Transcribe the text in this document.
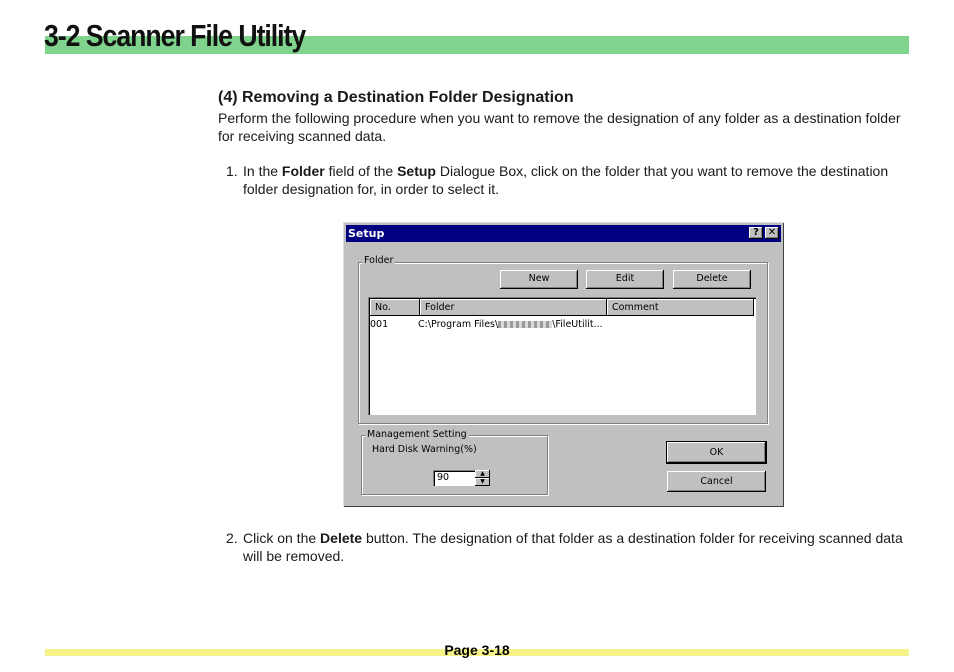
3-2 Scanner File Utility
(4) Removing a Destination Folder Designation
Perform the following procedure when you want to remove the designation of any folder as a destination folder for receiving scanned data.
1. In the Folder field of the Setup Dialogue Box, click on the folder that you want to remove the destination folder designation for, in order to select it.
Setup	? ✕
Folder
New	Edit	Delete
No.	Folder	Comment
001	C:\Program Files\	\FileUtilit...
Management Setting
Hard Disk Warning(%)
90	▲
▼
OK
Cancel
2. Click on the Delete button. The designation of that folder as a destination folder for receiving scanned data will be removed.
Page 3-18
